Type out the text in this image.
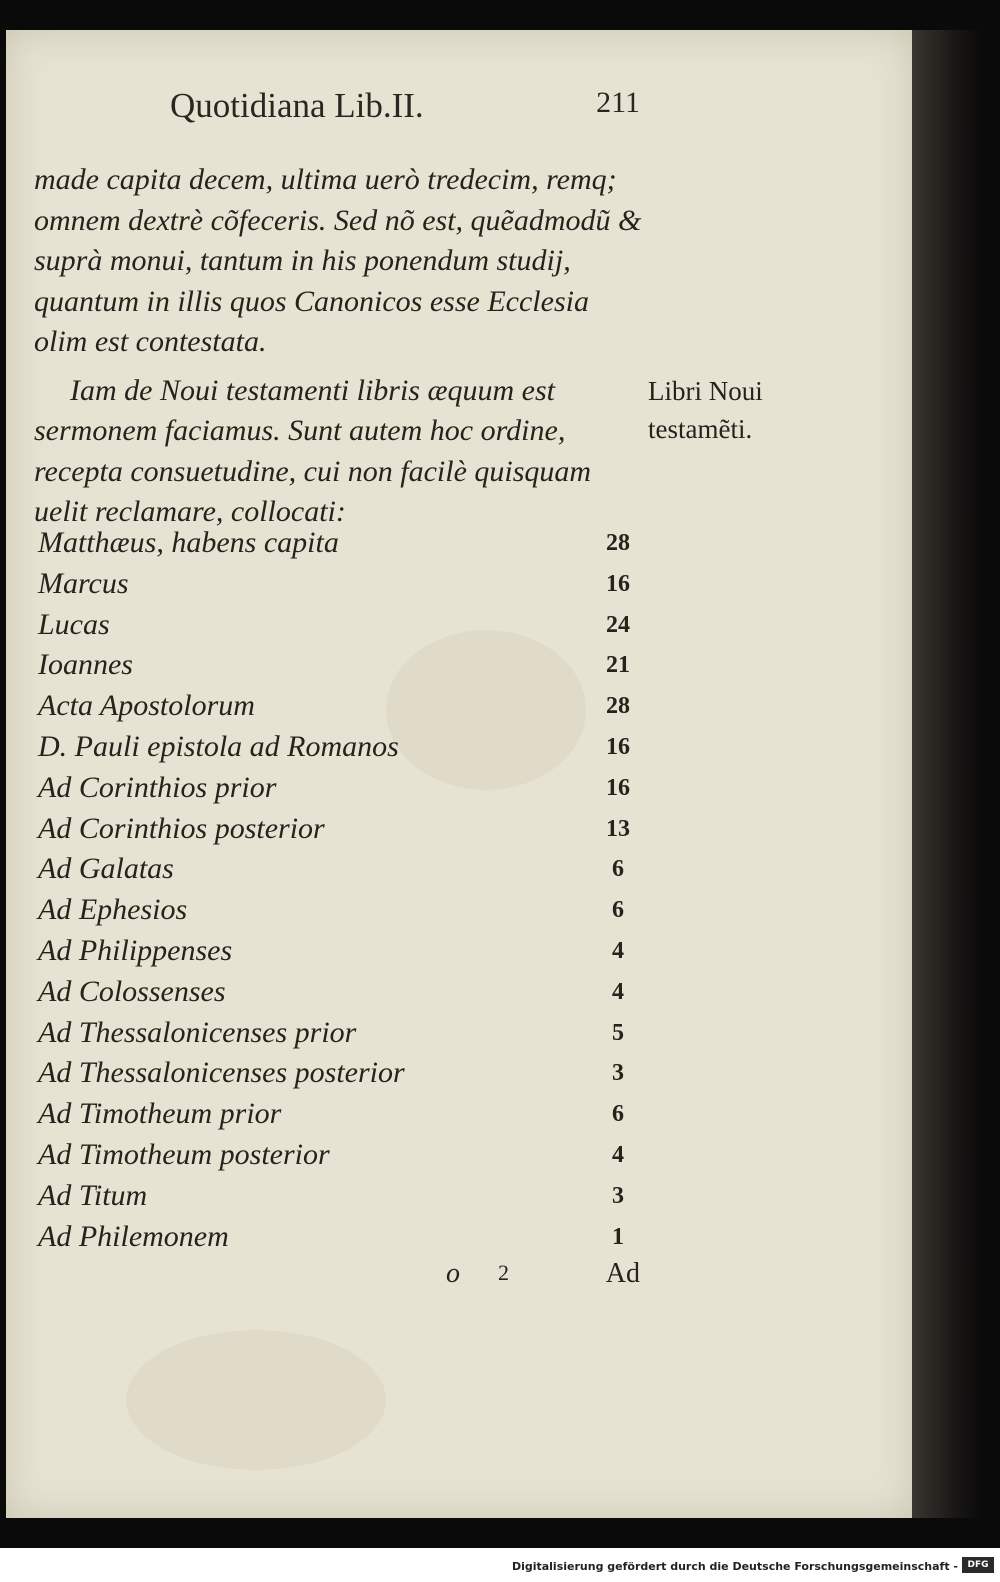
Quotidiana Lib.II.	211

made capita decem, ultima uerò tredecim, remq; omnem dextrè cõfeceris. Sed nõ est, quẽadmodũ & suprà monui, tantum in his ponendum studij, quantum in illis quos Canonicos esse Ecclesia olim est contestata.

Iam de Noui testamenti libris æquum est sermonem faciamus. Sunt autem hoc ordine, recepta consuetudine, cui non facilè quisquam uelit reclamare, collocati:

Libri Noui
testamẽti.
Matthæus, habens capita	28
Marcus	16
Lucas	24
Ioannes	21
Acta Apostolorum	28
D. Pauli epistola ad Romanos	16
Ad Corinthios prior	16
Ad Corinthios posterior	13
Ad Galatas	6
Ad Ephesios	6
Ad Philippenses	4
Ad Colossenses	4
Ad Thessalonicenses prior	5
Ad Thessalonicenses posterior	3
Ad Timotheum prior	6
Ad Timotheum posterior	4
Ad Titum	3
Ad Philemonem	1
o 2	Ad
Digitalisierung gefördert durch die Deutsche Forschungsgemeinschaft -	DFG
